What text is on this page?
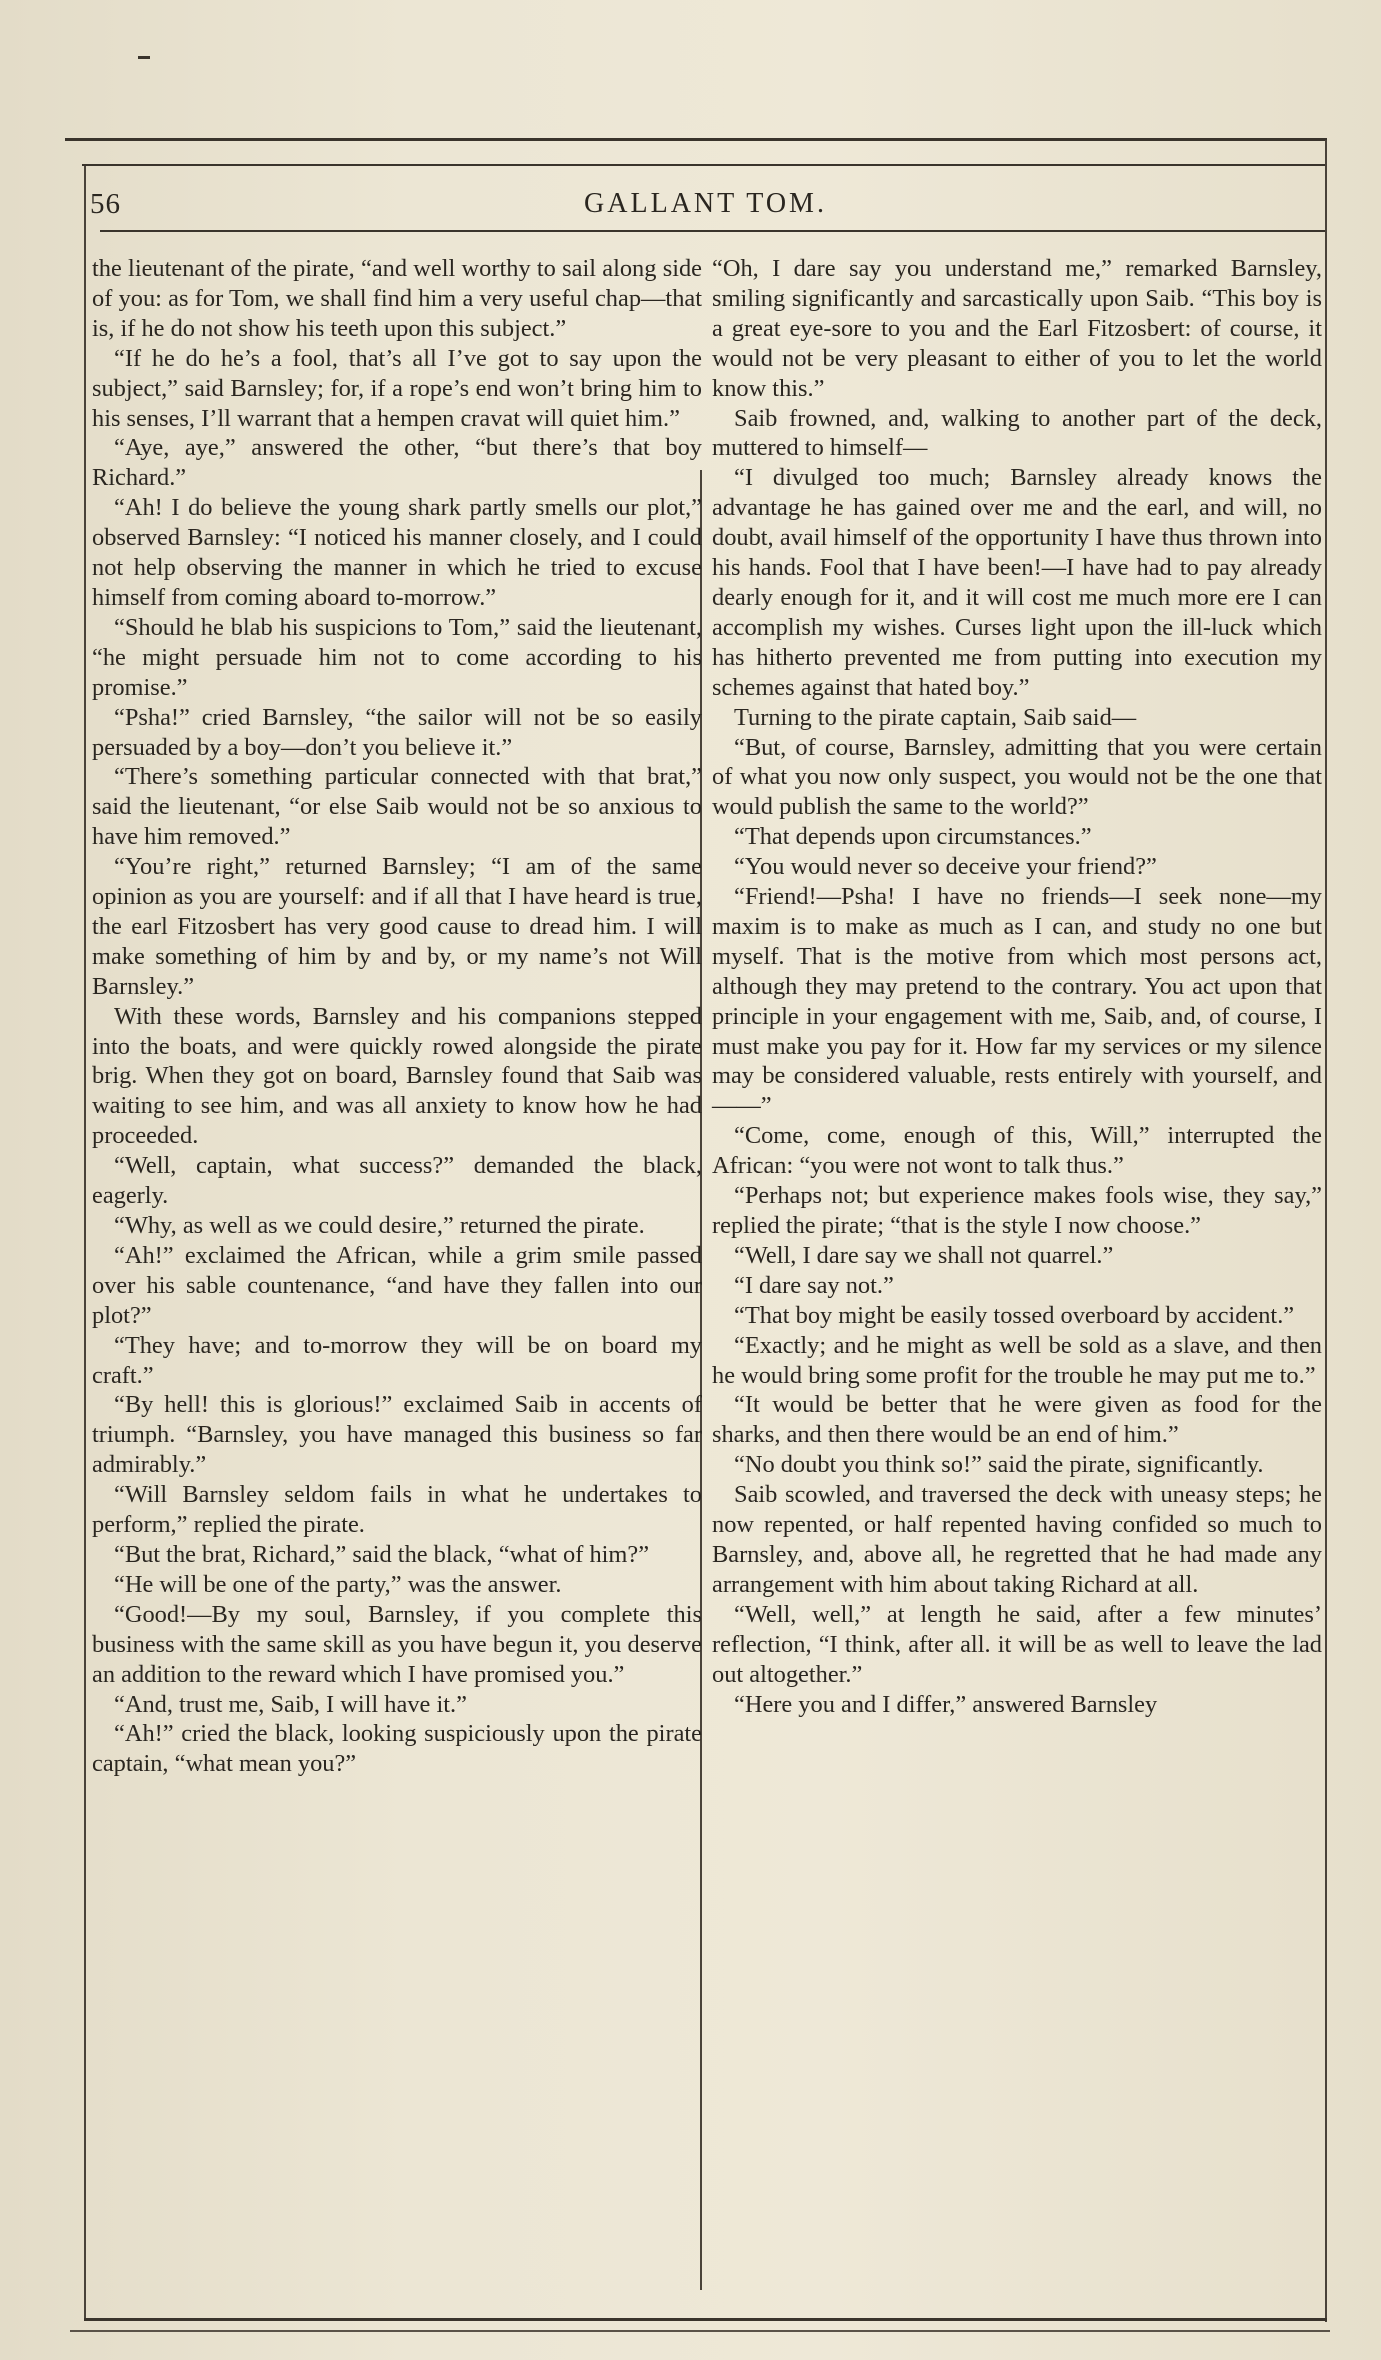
56	GALLANT TOM.

the lieutenant of the pirate, “and well worthy to sail along side of you: as for Tom, we shall find him a very useful chap—that is, if he do not show his teeth upon this subject.”

“If he do he’s a fool, that’s all I’ve got to say upon the subject,” said Barnsley; for, if a rope’s end won’t bring him to his senses, I’ll warrant that a hempen cravat will quiet him.”

“Aye, aye,” answered the other, “but there’s that boy Richard.”

“Ah! I do believe the young shark partly smells our plot,” observed Barnsley: “I noticed his manner closely, and I could not help observing the manner in which he tried to excuse himself from coming aboard to-morrow.”

“Should he blab his suspicions to Tom,” said the lieutenant, “he might persuade him not to come according to his promise.”

“Psha!” cried Barnsley, “the sailor will not be so easily persuaded by a boy—don’t you believe it.”

“There’s something particular connected with that brat,” said the lieutenant, “or else Saib would not be so anxious to have him removed.”

“You’re right,” returned Barnsley; “I am of the same opinion as you are yourself: and if all that I have heard is true, the earl Fitzosbert has very good cause to dread him. I will make something of him by and by, or my name’s not Will Barnsley.”

With these words, Barnsley and his companions stepped into the boats, and were quickly rowed alongside the pirate brig. When they got on board, Barnsley found that Saib was waiting to see him, and was all anxiety to know how he had proceeded.

“Well, captain, what success?” demanded the black, eagerly.

“Why, as well as we could desire,” returned the pirate.

“Ah!” exclaimed the African, while a grim smile passed over his sable countenance, “and have they fallen into our plot?”

“They have; and to-morrow they will be on board my craft.”

“By hell! this is glorious!” exclaimed Saib in accents of triumph. “Barnsley, you have managed this business so far admirably.”

“Will Barnsley seldom fails in what he undertakes to perform,” replied the pirate.

“But the brat, Richard,” said the black, “what of him?”

“He will be one of the party,” was the answer.

“Good!—By my soul, Barnsley, if you complete this business with the same skill as you have begun it, you deserve an addition to the reward which I have promised you.”

“And, trust me, Saib, I will have it.”

“Ah!” cried the black, looking suspiciously upon the pirate captain, “what mean you?”

“Oh, I dare say you understand me,” remarked Barnsley, smiling significantly and sarcastically upon Saib. “This boy is a great eye-sore to you and the Earl Fitzosbert: of course, it would not be very pleasant to either of you to let the world know this.”

Saib frowned, and, walking to another part of the deck, muttered to himself—

“I divulged too much; Barnsley already knows the advantage he has gained over me and the earl, and will, no doubt, avail himself of the opportunity I have thus thrown into his hands. Fool that I have been!—I have had to pay already dearly enough for it, and it will cost me much more ere I can accomplish my wishes. Curses light upon the ill-luck which has hitherto prevented me from putting into execution my schemes against that hated boy.”

Turning to the pirate captain, Saib said—

“But, of course, Barnsley, admitting that you were certain of what you now only suspect, you would not be the one that would publish the same to the world?”

“That depends upon circumstances.”

“You would never so deceive your friend?”

“Friend!—Psha! I have no friends—I seek none—my maxim is to make as much as I can, and study no one but myself. That is the motive from which most persons act, although they may pretend to the contrary. You act upon that principle in your engagement with me, Saib, and, of course, I must make you pay for it. How far my services or my silence may be considered valuable, rests entirely with yourself, and——”

“Come, come, enough of this, Will,” interrupted the African: “you were not wont to talk thus.”

“Perhaps not; but experience makes fools wise, they say,” replied the pirate; “that is the style I now choose.”

“Well, I dare say we shall not quarrel.”

“I dare say not.”

“That boy might be easily tossed overboard by accident.”

“Exactly; and he might as well be sold as a slave, and then he would bring some profit for the trouble he may put me to.”

“It would be better that he were given as food for the sharks, and then there would be an end of him.”

“No doubt you think so!” said the pirate, significantly.

Saib scowled, and traversed the deck with uneasy steps; he now repented, or half repented having confided so much to Barnsley, and, above all, he regretted that he had made any arrangement with him about taking Richard at all.

“Well, well,” at length he said, after a few minutes’ reflection, “I think, after all. it will be as well to leave the lad out altogether.”

“Here you and I differ,” answered Barnsley
